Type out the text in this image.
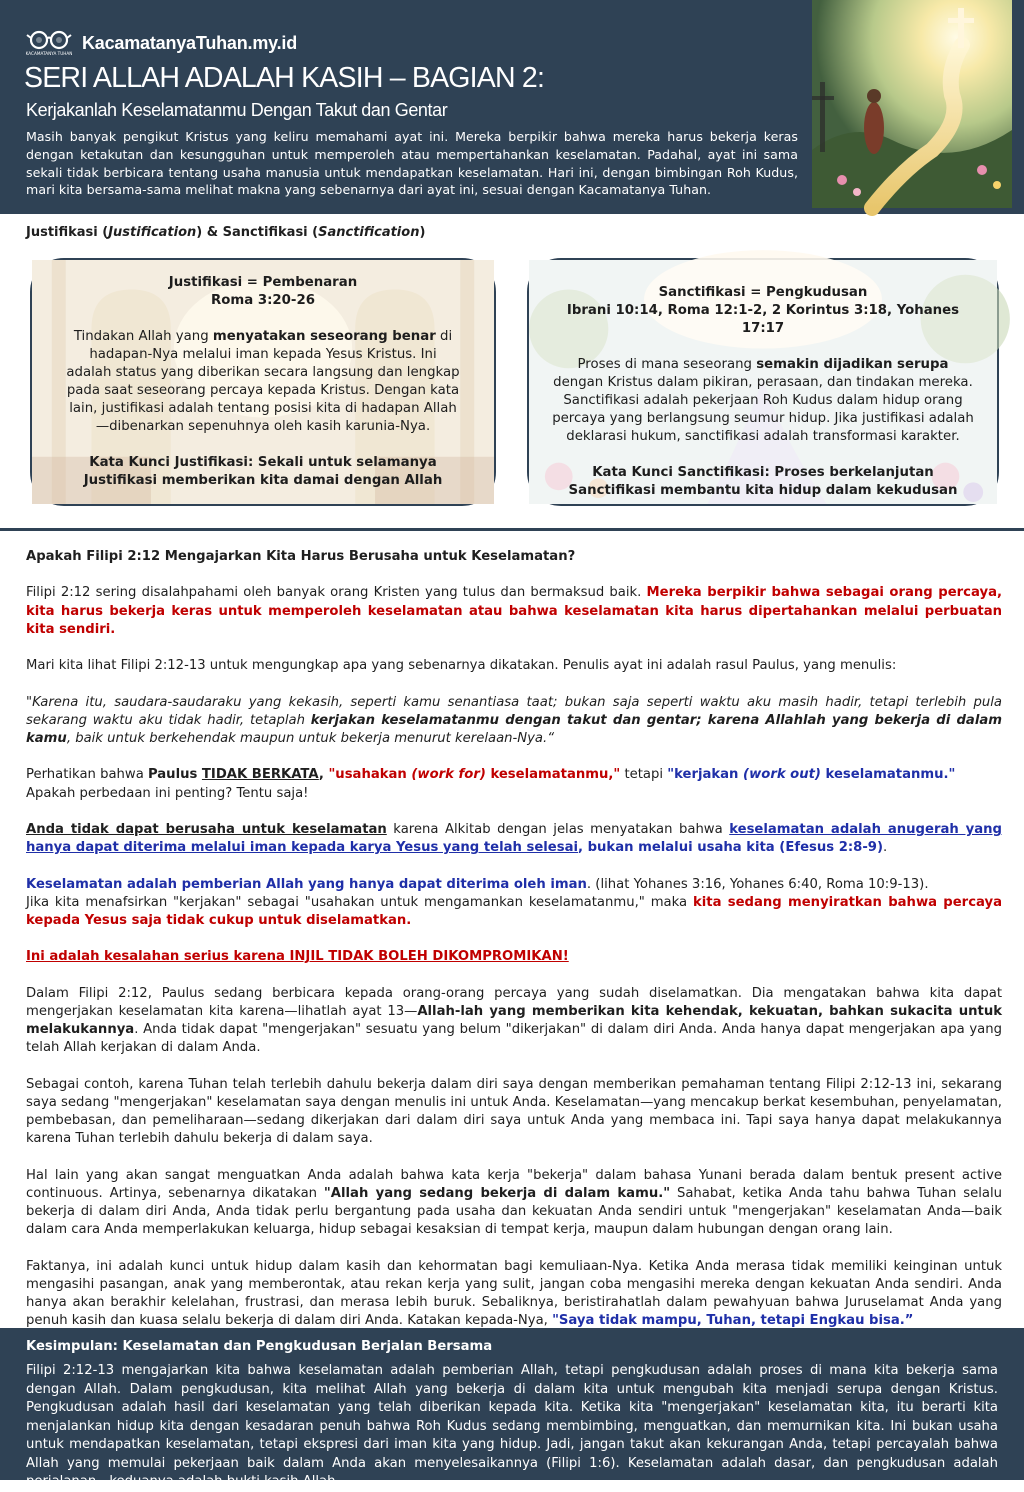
KACAMATANYA TUHAN
KacamatanyaTuhan.my.id
SERI ALLAH ADALAH KASIH – BAGIAN 2:
Kerjakanlah Keselamatanmu Dengan Takut dan Gentar

Masih banyak pengikut Kristus yang keliru memahami ayat ini. Mereka berpikir bahwa mereka harus bekerja keras dengan ketakutan dan kesungguhan untuk memperoleh atau mempertahankan keselamatan. Padahal, ayat ini sama sekali tidak berbicara tentang usaha manusia untuk mendapatkan keselamatan. Hari ini, dengan bimbingan Roh Kudus, mari kita bersama-sama melihat makna yang sebenarnya dari ayat ini, sesuai dengan Kacamatanya Tuhan.

Justifikasi (Justification) & Sanctifikasi (Sanctification)
Justifikasi = Pembenaran
Roma 3:20-26
Tindakan Allah yang menyatakan seseorang benar di hadapan-Nya melalui iman kepada Yesus Kristus. Ini adalah status yang diberikan secara langsung dan lengkap pada saat seseorang percaya kepada Kristus. Dengan kata lain, justifikasi adalah tentang posisi kita di hadapan Allah—dibenarkan sepenuhnya oleh kasih karunia-Nya.
Kata Kunci Justifikasi: Sekali untuk selamanya
Justifikasi memberikan kita damai dengan Allah
Sanctifikasi = Pengkudusan
Ibrani 10:14, Roma 12:1-2, 2 Korintus 3:18, Yohanes 17:17
Proses di mana seseorang semakin dijadikan serupa dengan Kristus dalam pikiran, perasaan, dan tindakan mereka. Sanctifikasi adalah pekerjaan Roh Kudus dalam hidup orang percaya yang berlangsung seumur hidup. Jika justifikasi adalah deklarasi hukum, sanctifikasi adalah transformasi karakter.
Kata Kunci Sanctifikasi: Proses berkelanjutan
Sanctifikasi membantu kita hidup dalam kekudusan
Apakah Filipi 2:12 Mengajarkan Kita Harus Berusaha untuk Keselamatan?

Filipi 2:12 sering disalahpahami oleh banyak orang Kristen yang tulus dan bermaksud baik. Mereka berpikir bahwa sebagai orang percaya, kita harus bekerja keras untuk memperoleh keselamatan atau bahwa keselamatan kita harus dipertahankan melalui perbuatan kita sendiri.

Mari kita lihat Filipi 2:12-13 untuk mengungkap apa yang sebenarnya dikatakan. Penulis ayat ini adalah rasul Paulus, yang menulis:

"Karena itu, saudara-saudaraku yang kekasih, seperti kamu senantiasa taat; bukan saja seperti waktu aku masih hadir, tetapi terlebih pula sekarang waktu aku tidak hadir, tetaplah kerjakan keselamatanmu dengan takut dan gentar; karena Allahlah yang bekerja di dalam kamu, baik untuk berkehendak maupun untuk bekerja menurut kerelaan-Nya.“

Perhatikan bahwa Paulus TIDAK BERKATA, "usahakan (work for) keselamatanmu," tetapi "kerjakan (work out) keselamatanmu."
Apakah perbedaan ini penting? Tentu saja!

Anda tidak dapat berusaha untuk keselamatan karena Alkitab dengan jelas menyatakan bahwa keselamatan adalah anugerah yang hanya dapat diterima melalui iman kepada karya Yesus yang telah selesai, bukan melalui usaha kita (Efesus 2:8-9).

Keselamatan adalah pemberian Allah yang hanya dapat diterima oleh iman. (lihat Yohanes 3:16, Yohanes 6:40, Roma 10:9-13).
Jika kita menafsirkan "kerjakan" sebagai "usahakan untuk mengamankan keselamatanmu," maka kita sedang menyiratkan bahwa percaya kepada Yesus saja tidak cukup untuk diselamatkan.

Ini adalah kesalahan serius karena INJIL TIDAK BOLEH DIKOMPROMIKAN!

Dalam Filipi 2:12, Paulus sedang berbicara kepada orang-orang percaya yang sudah diselamatkan. Dia mengatakan bahwa kita dapat mengerjakan keselamatan kita karena—lihatlah ayat 13—Allah-lah yang memberikan kita kehendak, kekuatan, bahkan sukacita untuk melakukannya. Anda tidak dapat "mengerjakan" sesuatu yang belum "dikerjakan" di dalam diri Anda. Anda hanya dapat mengerjakan apa yang telah Allah kerjakan di dalam Anda.

Sebagai contoh, karena Tuhan telah terlebih dahulu bekerja dalam diri saya dengan memberikan pemahaman tentang Filipi 2:12-13 ini, sekarang saya sedang "mengerjakan" keselamatan saya dengan menulis ini untuk Anda. Keselamatan—yang mencakup berkat kesembuhan, penyelamatan, pembebasan, dan pemeliharaan—sedang dikerjakan dari dalam diri saya untuk Anda yang membaca ini. Tapi saya hanya dapat melakukannya karena Tuhan terlebih dahulu bekerja di dalam saya.

Hal lain yang akan sangat menguatkan Anda adalah bahwa kata kerja "bekerja" dalam bahasa Yunani berada dalam bentuk present active continuous. Artinya, sebenarnya dikatakan "Allah yang sedang bekerja di dalam kamu." Sahabat, ketika Anda tahu bahwa Tuhan selalu bekerja di dalam diri Anda, Anda tidak perlu bergantung pada usaha dan kekuatan Anda sendiri untuk "mengerjakan" keselamatan Anda—baik dalam cara Anda memperlakukan keluarga, hidup sebagai kesaksian di tempat kerja, maupun dalam hubungan dengan orang lain.

Faktanya, ini adalah kunci untuk hidup dalam kasih dan kehormatan bagi kemuliaan-Nya. Ketika Anda merasa tidak memiliki keinginan untuk mengasihi pasangan, anak yang memberontak, atau rekan kerja yang sulit, jangan coba mengasihi mereka dengan kekuatan Anda sendiri. Anda hanya akan berakhir kelelahan, frustrasi, dan merasa lebih buruk. Sebaliknya, beristirahatlah dalam pewahyuan bahwa Juruselamat Anda yang penuh kasih dan kuasa selalu bekerja di dalam diri Anda. Katakan kepada-Nya, "Saya tidak mampu, Tuhan, tetapi Engkau bisa.”

Kesimpulan: Keselamatan dan Pengkudusan Berjalan Bersama

Filipi 2:12-13 mengajarkan kita bahwa keselamatan adalah pemberian Allah, tetapi pengkudusan adalah proses di mana kita bekerja sama dengan Allah. Dalam pengkudusan, kita melihat Allah yang bekerja di dalam kita untuk mengubah kita menjadi serupa dengan Kristus. Pengkudusan adalah hasil dari keselamatan yang telah diberikan kepada kita. Ketika kita "mengerjakan" keselamatan kita, itu berarti kita menjalankan hidup kita dengan kesadaran penuh bahwa Roh Kudus sedang membimbing, menguatkan, dan memurnikan kita. Ini bukan usaha untuk mendapatkan keselamatan, tetapi ekspresi dari iman kita yang hidup. Jadi, jangan takut akan kekurangan Anda, tetapi percayalah bahwa Allah yang memulai pekerjaan baik dalam Anda akan menyelesaikannya (Filipi 1:6). Keselamatan adalah dasar, dan pengkudusan adalah perjalanan—keduanya adalah bukti kasih Allah
